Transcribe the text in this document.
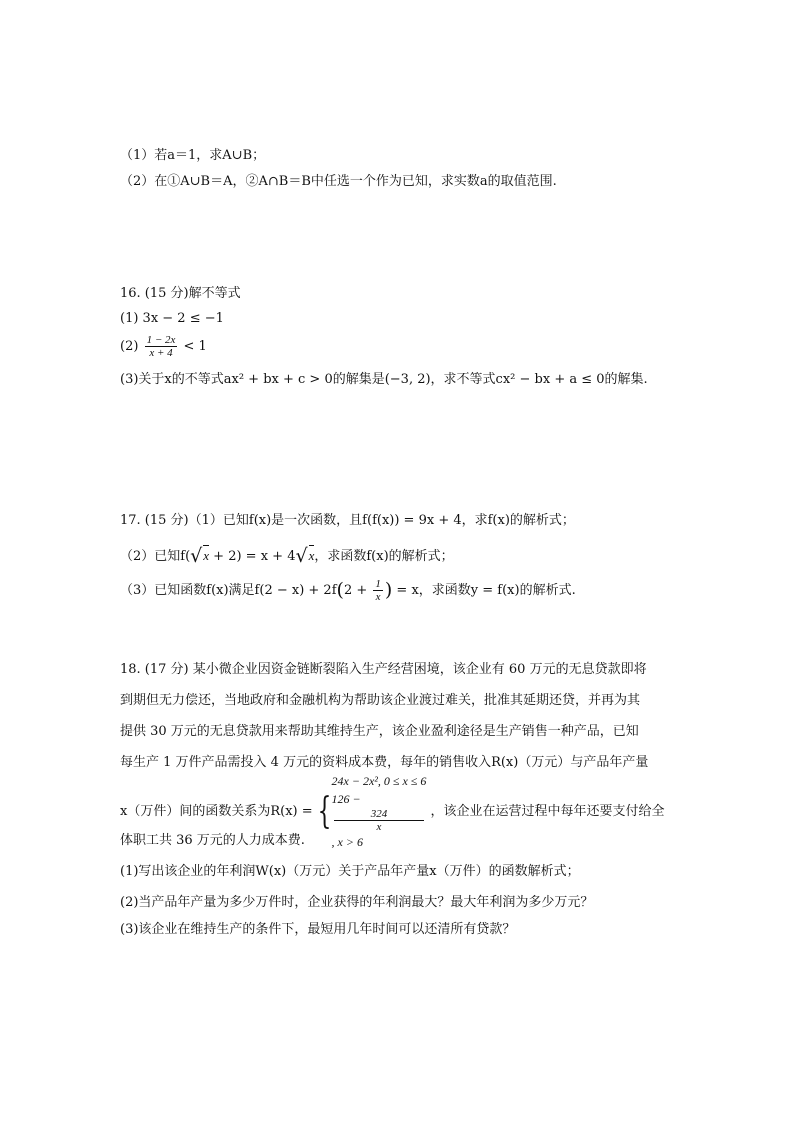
（1）若a＝1，求A∪B；
（2）在①A∪B＝A，②A∩B＝B中任选一个作为已知，求实数a的取值范围.
16. (15 分)解不等式
(1) 3x − 2 ≤ −1
$(2) \frac{1 - 2x}{x + 4} < 1$
(3)关于x的不等式ax² + bx + c > 0的解集是(−3, 2)，求不等式cx² − bx + a ≤ 0的解集.
17. (15 分)（1）已知f(x)是一次函数，且f(f(x)) = 9x + 4，求f(x)的解析式；
（2）已知f(√x + 2) = x + 4√x，求函数f(x)的解析式；
（3）已知函数f(x)满足$f(2 - x) + 2f(2 + \frac{1}{x}$ ) = x，求函数y = f(x)的解析式.
18. (17 分) 某小微企业因资金链断裂陷入生产经营困境，该企业有 60 万元的无息贷款即将
到期但无力偿还，当地政府和金融机构为帮助该企业渡过难关，批准其延期还贷，并再为其
提供 30 万元的无息贷款用来帮助其维持生产，该企业盈利途径是生产销售一种产品，已知
每生产 1 万件产品需投入 4 万元的资料成本费，每年的销售收入R(x)（万元）与产品年产量
x（万件）间的函数关系为R(x) = {
24x − 2x², 0 ≤ x ≤ 6
126 −
324
x
, x > 6
，该企业在运营过程中每年还要支付给全
体职工共 36 万元的人力成本费.
(1)写出该企业的年利润W(x)（万元）关于产品年产量x（万件）的函数解析式；
(2)当产品年产量为多少万件时，企业获得的年利润最大？最大年利润为多少万元？
(3)该企业在维持生产的条件下，最短用几年时间可以还清所有贷款？
